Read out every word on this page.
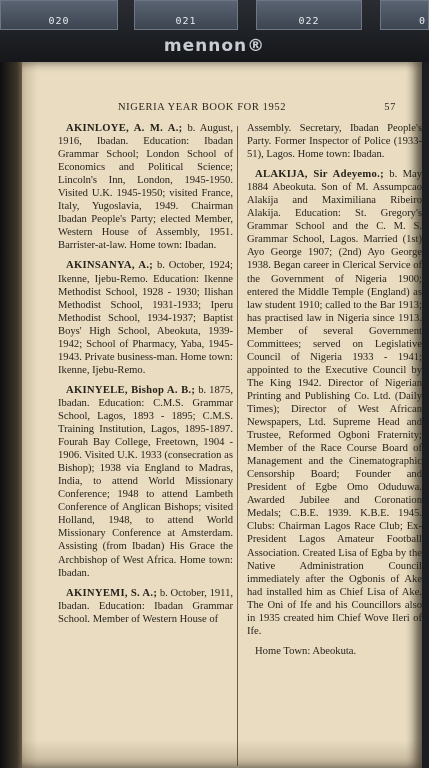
020	021	022	0
mennon®
NIGERIA YEAR BOOK FOR 1952	57

AKINLOYE, A. M. A.; b. August, 1916, Ibadan. Education: Ibadan Grammar School; London School of Economics and Political Science; Lincoln's Inn, London, 1945-1950. Visited U.K. 1945-1950; visited France, Italy, Yugoslavia, 1949. Chairman Ibadan People's Party; elected Member, Western House of Assembly, 1951. Barrister-at-law. Home town: Ibadan.

AKINSANYA, A.; b. October, 1924; Ikenne, Ijebu-Remo. Education: Ikenne Methodist School, 1928 - 1930; Ilishan Methodist School, 1931-1933; Iperu Methodist School, 1934-1937; Baptist Boys' High School, Abeokuta, 1939-1942; School of Pharmacy, Yaba, 1945-1943. Private business-man. Home town: Ikenne, Ijebu-Remo.

AKINYELE, Bishop A. B.; b. 1875, Ibadan. Education: C.M.S. Grammar School, Lagos, 1893 - 1895; C.M.S. Training Institution, Lagos, 1895-1897. Fourah Bay College, Freetown, 1904 - 1906. Visited U.K. 1933 (consecration as Bishop); 1938 via England to Madras, India, to attend World Missionary Conference; 1948 to attend Lambeth Conference of Anglican Bishops; visited Holland, 1948, to attend World Missionary Conference at Amsterdam. Assisting (from Ibadan) His Grace the Archbishop of West Africa. Home town: Ibadan.

AKINYEMI, S. A.; b. October, 1911, Ibadan. Education: Ibadan Grammar School. Member of Western House of

Assembly. Secretary, Ibadan People's Party. Former Inspector of Police (1933-51), Lagos. Home town: Ibadan.

ALAKIJA, Sir Adeyemo.; b. May 1884 Abeokuta. Son of M. Assumpcao Alakija and Maximiliana Ribeiro Alakija. Education: St. Gregory's Grammar School and the C. M. S. Grammar School, Lagos. Married (1st) Ayo George 1907; (2nd) Ayo George 1938. Began career in Clerical Service of the Government of Nigeria 1900; entered the Middle Temple (England) as law student 1910; called to the Bar 1913; has practised law in Nigeria since 1913. Member of several Government Committees; served on Legislative Council of Nigeria 1933 - 1941; appointed to the Executive Council by The King 1942. Director of Nigerian Printing and Publishing Co. Ltd. (Daily Times); Director of West African Newspapers, Ltd. Supreme Head and Trustee, Reformed Ogboni Fraternity; Member of the Race Course Board of Management and the Cinematographic Censorship Board; Founder and President of Egbe Omo Oduduwa. Awarded Jubilee and Coronation Medals; C.B.E. 1939. K.B.E. 1945. Clubs: Chairman Lagos Race Club; Ex-President Lagos Amateur Football Association. Created Lisa of Egba by the Native Administration Council immediately after the Ogbonis of Ake had installed him as Chief Lisa of Ake. The Oni of Ife and his Councillors also in 1935 created him Chief Wove Ileri of Ife.

Home Town: Abeokuta.
